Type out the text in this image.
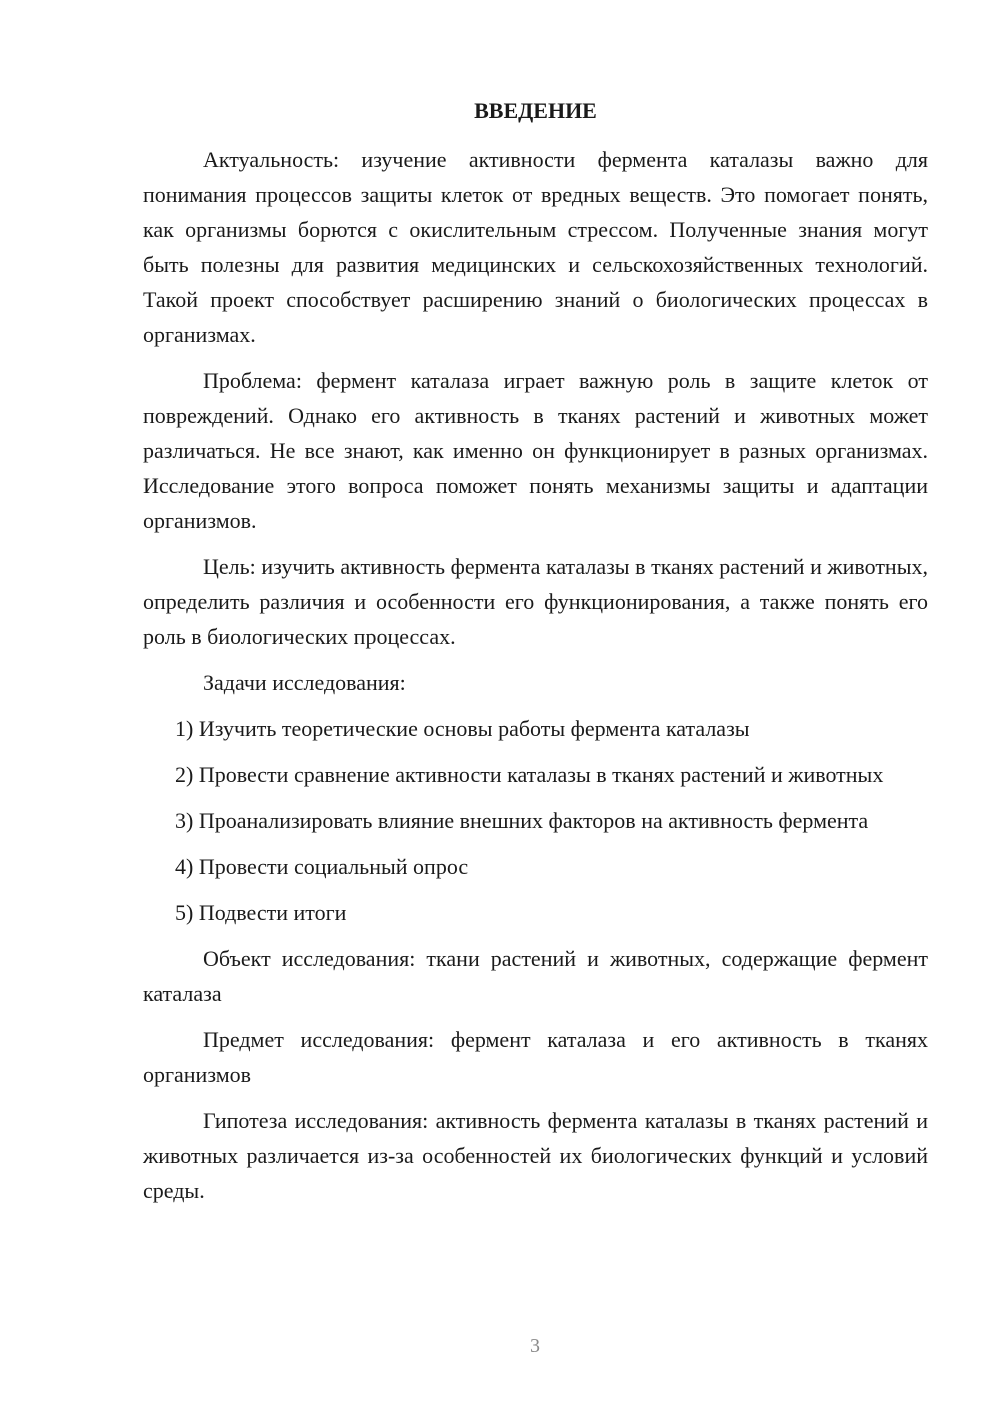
ВВЕДЕНИЕ

Актуальность: изучение активности фермента каталазы важно для понимания процессов защиты клеток от вредных веществ. Это помогает понять, как организмы борются с окислительным стрессом. Полученные знания могут быть полезны для развития медицинских и сельскохозяйственных технологий. Такой проект способствует расширению знаний о биологических процессах в организмах.

Проблема: фермент каталаза играет важную роль в защите клеток от повреждений. Однако его активность в тканях растений и животных может различаться. Не все знают, как именно он функционирует в разных организмах. Исследование этого вопроса поможет понять механизмы защиты и адаптации организмов.

Цель: изучить активность фермента каталазы в тканях растений и животных, определить различия и особенности его функционирования, а также понять его роль в биологических процессах.

Задачи исследования:

1) Изучить теоретические основы работы фермента каталазы

2) Провести сравнение активности каталазы в тканях растений и животных

3) Проанализировать влияние внешних факторов на активность фермента

4) Провести социальный опрос

5) Подвести итоги

Объект исследования: ткани растений и животных, содержащие фермент каталаза

Предмет исследования: фермент каталаза и его активность в тканях организмов

Гипотеза исследования: активность фермента каталазы в тканях растений и животных различается из-за особенностей их биологических функций и условий среды.

3
